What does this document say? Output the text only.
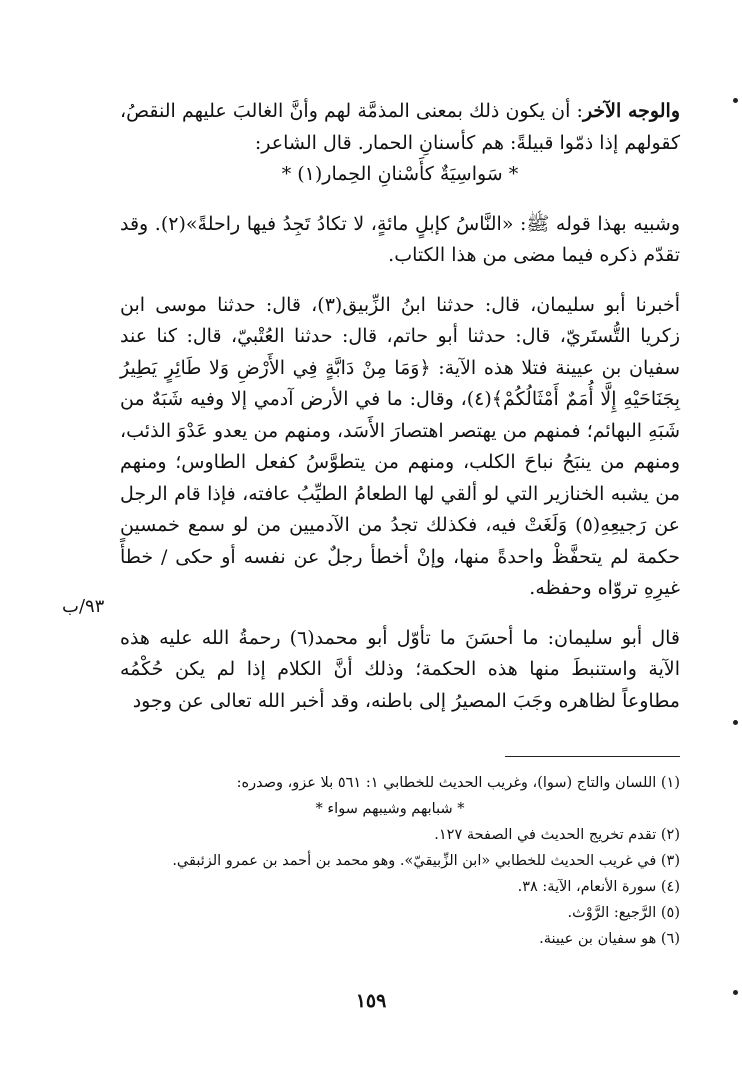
والوجه الآخر: أن يكون ذلك بمعنى المذمَّة لهم وأنَّ الغالبَ عليهم النقصُ، كقولهم إذا ذمّوا قبيلةً: هم كأسنانِ الحمار. قال الشاعر:
* سَواسِيَةٌ كأَسْنانِ الحِمار(١) *

وشبيه بهذا قوله ﷺ: «النَّاسُ كإبلٍ مائةٍ، لا تكادُ تَجِدُ فيها راحلةً»(٢). وقد تقدّم ذكره فيما مضى من هذا الكتاب.

أخبرنا أبو سليمان، قال: حدثنا ابنُ الزِّبيق(٣)، قال: حدثنا موسى ابن زكريا التُّستَريّ، قال: حدثنا أبو حاتم، قال: حدثنا العُتْبيّ، قال: كنا عند سفيان بن عيينة فتلا هذه الآية: ﴿وَمَا مِنْ دَابَّةٍ فِي الأَرْضِ وَلا طَائِرٍ يَطِيرُ بِجَنَاحَيْهِ إِلَّا أُمَمٌ أَمْثَالُكُمْ﴾(٤)، وقال: ما في الأرض آدمي إلا وفيه شَبَهٌ من شَبَهِ البهائم؛ فمنهم من يهتصر اهتصارَ الأَسَد، ومنهم من يعدو عَدْوَ الذئب، ومنهم من ينبَحُ نباحَ الكلب، ومنهم من يتطوَّسُ كفعل الطاوس؛ ومنهم من يشبه الخنازير التي لو ألقي لها الطعامُ الطيِّبُ عافته، فإذا قام الرجل عن رَجيعِهِ(٥) وَلَغَتْ فيه، فكذلك تجدُ من الآدميين من لو سمع خمسين حكمة لم يتحفَّظْ واحدةً منها، وإنْ أخطأ رجلٌ عن نفسه أو حكى / خطأً غيرِهِ تروّاه وحفظه.

قال أبو سليمان: ما أحسَنَ ما تأوّل أبو محمد(٦) رحمةُ الله عليه هذه الآية واستنبطَ منها هذه الحكمة؛ وذلك أنَّ الكلام إذا لم يكن حُكْمُه مطاوعاً لظاهره وجَبَ المصيرُ إلى باطنه، وقد أخبر الله تعالى عن وجود

٩٣/ب
(١) اللسان والتاج (سوا)، وغريب الحديث للخطابي ١: ٥٦١ بلا عزو، وصدره:
* شبابهم وشيبهم سواء *
(٢) تقدم تخريج الحديث في الصفحة ١٢٧.
(٣) في غريب الحديث للخطابي «ابن الزِّبيقيّ». وهو محمد بن أحمد بن عمرو الزئبقي.
(٤) سورة الأنعام، الآية: ٣٨.
(٥) الرَّجيع: الرَّوْث.
(٦) هو سفيان بن عيينة.
١٥٩
